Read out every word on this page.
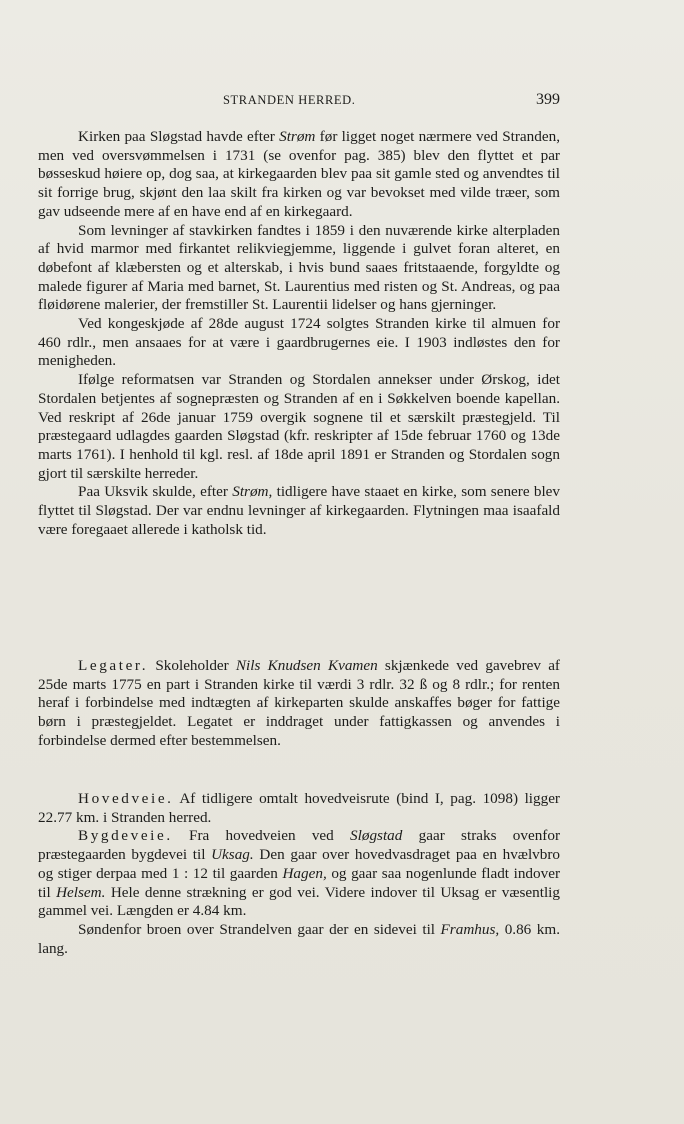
STRANDEN HERRED.	399

Kirken paa Sløgstad havde efter Strøm før ligget noget nærmere ved Stranden, men ved oversvømmelsen i 1731 (se ovenfor pag. 385) blev den flyttet et par bøsseskud høiere op, dog saa, at kirkegaarden blev paa sit gamle sted og anvendtes til sit forrige brug, skjønt den laa skilt fra kirken og var bevokset med vilde træer, som gav udseende mere af en have end af en kirkegaard.

Som levninger af stavkirken fandtes i 1859 i den nuværende kirke alterpladen af hvid marmor med firkantet relikviegjemme, liggende i gulvet foran alteret, en døbefont af klæbersten og et alterskab, i hvis bund saaes fritstaaende, forgyldte og malede figurer af Maria med barnet, St. Laurentius med risten og St. Andreas, og paa fløidørene malerier, der fremstiller St. Laurentii lidelser og hans gjerninger.

Ved kongeskjøde af 28de august 1724 solgtes Stranden kirke til almuen for 460 rdlr., men ansaaes for at være i gaardbrugernes eie. I 1903 indløstes den for menigheden.

Ifølge reformatsen var Stranden og Stordalen annekser under Ørskog, idet Stordalen betjentes af sognepræsten og Stranden af en i Søkkelven boende kapellan. Ved reskript af 26de januar 1759 overgik sognene til et særskilt præstegjeld. Til præstegaard udlagdes gaarden Sløgstad (kfr. reskripter af 15de februar 1760 og 13de marts 1761). I henhold til kgl. resl. af 18de april 1891 er Stranden og Stordalen sogn gjort til særskilte herreder.

Paa Uksvik skulde, efter Strøm, tidligere have staaet en kirke, som senere blev flyttet til Sløgstad. Der var endnu levninger af kirkegaarden. Flytningen maa isaafald være foregaaet allerede i katholsk tid.

Legater. Skoleholder Nils Knudsen Kvamen skjænkede ved gavebrev af 25de marts 1775 en part i Stranden kirke til værdi 3 rdlr. 32 ß og 8 rdlr.; for renten heraf i forbindelse med indtægten af kirkeparten skulde anskaffes bøger for fattige børn i præstegjeldet. Legatet er inddraget under fattigkassen og anvendes i forbindelse dermed efter bestemmelsen.

Hovedveie. Af tidligere omtalt hovedveisrute (bind I, pag. 1098) ligger 22.77 km. i Stranden herred.

Bygdeveie. Fra hovedveien ved Sløgstad gaar straks ovenfor præstegaarden bygdevei til Uksag. Den gaar over hovedvasdraget paa en hvælvbro og stiger derpaa med 1 : 12 til gaarden Hagen, og gaar saa nogenlunde fladt indover til Helsem. Hele denne strækning er god vei. Videre indover til Uksag er væsentlig gammel vei. Længden er 4.84 km.

Søndenfor broen over Strandelven gaar der en sidevei til Framhus, 0.86 km. lang.
